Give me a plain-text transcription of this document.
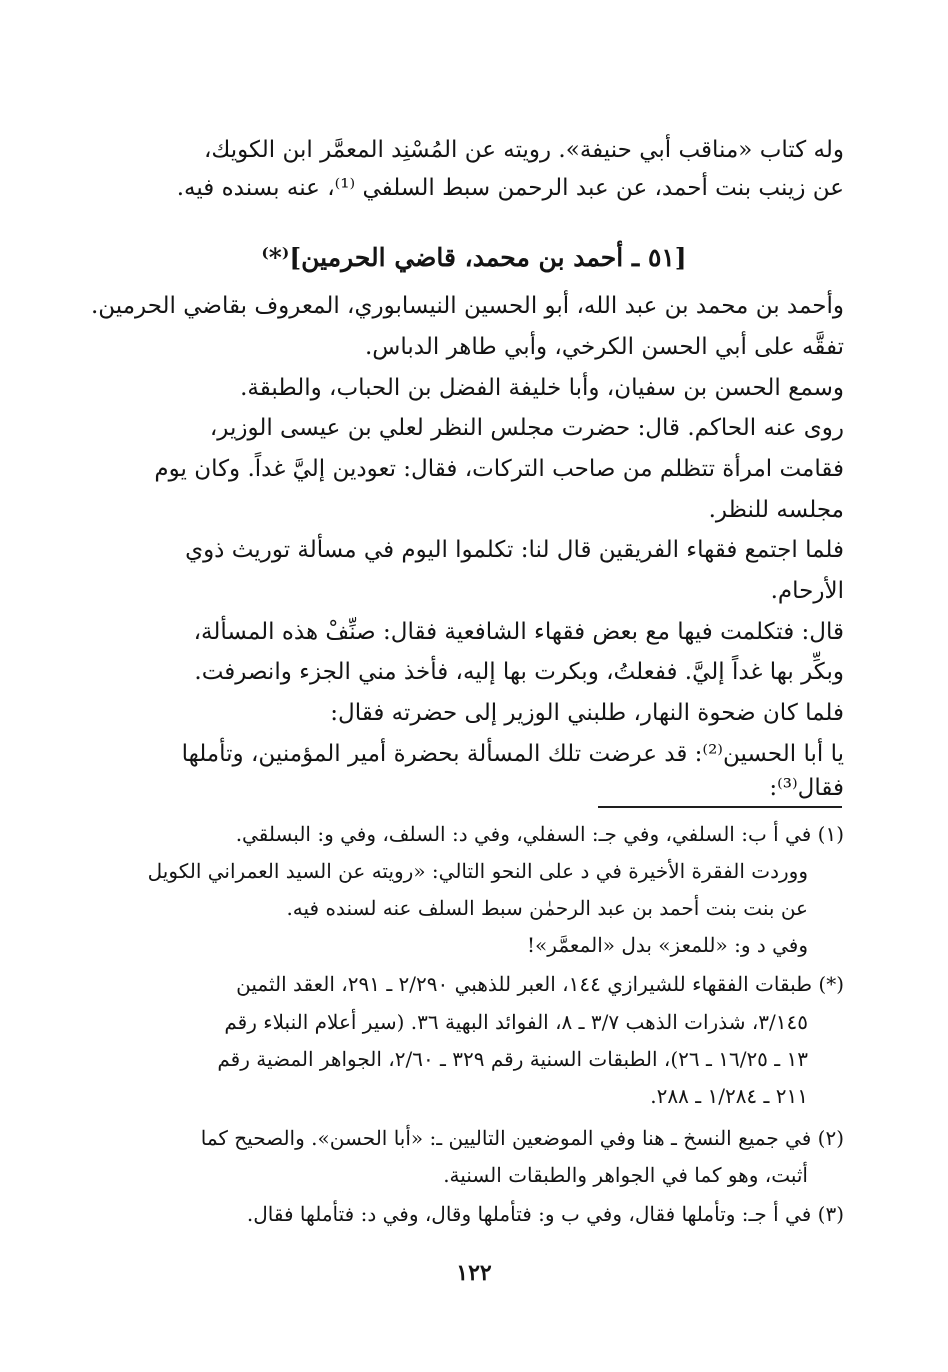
وله كتاب «مناقب أبي حنيفة». رويته عن المُسْنِد المعمَّر ابن الكويك،
عن زينب بنت أحمد، عن عبد الرحمن سبط السلفي ⁽¹⁾، عنه بسنده فيه.
[٥١ ـ أحمد بن محمد، قاضي الحرمين]⁽*⁾
وأحمد بن محمد بن عبد الله، أبو الحسين النيسابوري، المعروف بقاضي الحرمين.
تفقَّه على أبي الحسن الكرخي، وأبي طاهر الدباس.
وسمع الحسن بن سفيان، وأبا خليفة الفضل بن الحباب، والطبقة.
روى عنه الحاكم. قال: حضرت مجلس النظر لعلي بن عيسى الوزير،
فقامت امرأة تتظلم من صاحب التركات، فقال: تعودين إليَّ غداً. وكان يوم
مجلسه للنظر.
فلما اجتمع فقهاء الفريقين قال لنا: تكلموا اليوم في مسألة توريث ذوي
الأرحام.
قال: فتكلمت فيها مع بعض فقهاء الشافعية فقال: صنِّفْ هذه المسألة،
وبكِّر بها غداً إليَّ. ففعلتُ، وبكرت بها إليه، فأخذ مني الجزء وانصرفت.
فلما كان ضحوة النهار، طلبني الوزير إلى حضرته فقال:
يا أبا الحسين⁽²⁾: قد عرضت تلك المسألة بحضرة أمير المؤمنين، وتأملها
فقال⁽³⁾:
(١) في أ ب: السلفي، وفي جـ: السفلي، وفي د: السلف، وفي و: البسلقي.
ووردت الفقرة الأخيرة في د على النحو التالي: «رويته عن السيد العمراني الكويل
عن بنت بنت أحمد بن عبد الرحمٰن سبط السلف عنه لسنده فيه.
وفي د و: «للمعز» بدل «المعمَّر»!
(*) طبقات الفقهاء للشيرازي ١٤٤، العبر للذهبي ٢/٢٩٠ ـ ٢٩١، العقد الثمين
٣/١٤٥، شذرات الذهب ٣/٧ ـ ٨، الفوائد البهية ٣٦. (سير أعلام النبلاء رقم
١٣ ـ ١٦/٢٥ ـ ٢٦)، الطبقات السنية رقم ٣٢٩ ـ ٢/٦٠، الجواهر المضية رقم
٢١١ ـ ١/٢٨٤ ـ ٢٨٨.
(٢) في جميع النسخ ـ هنا وفي الموضعين التاليين ـ: «أبا الحسن». والصحيح كما
أثبت، وهو كما في الجواهر والطبقات السنية.
(٣) في أ جـ: وتأملها فقال، وفي ب و: فتأملها وقال، وفي د: فتأملها فقال.
١٢٢
